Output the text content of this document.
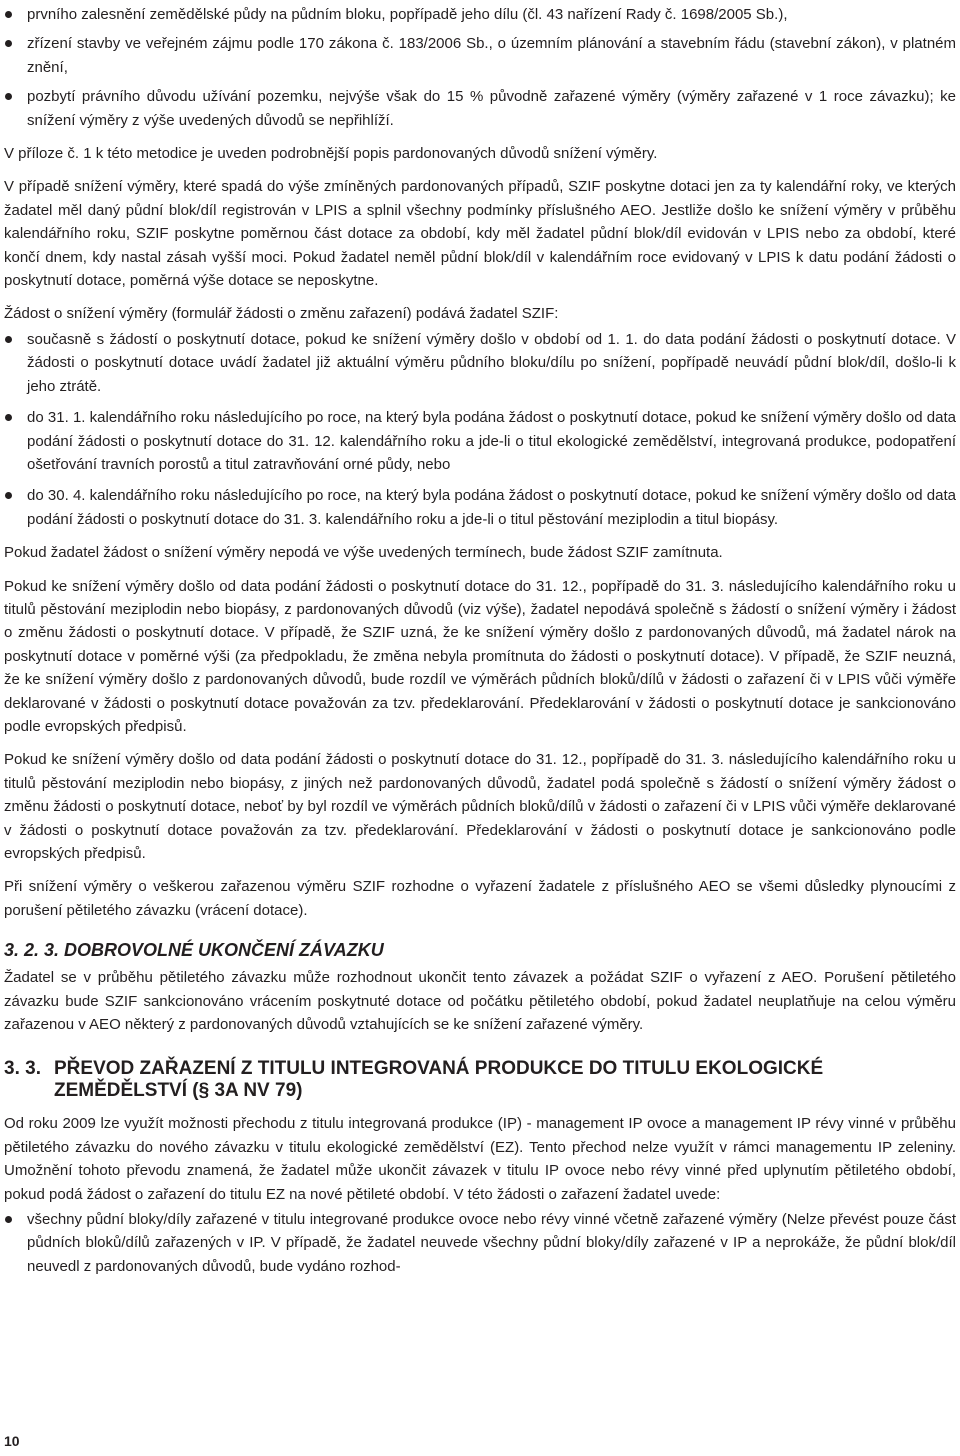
prvního zalesnění zemědělské půdy na půdním bloku, popřípadě jeho dílu (čl. 43 nařízení Rady č. 1698/2005 Sb.),
zřízení stavby ve veřejném zájmu podle 170 zákona č. 183/2006 Sb., o územním plánování a stavebním řádu (stavební zákon), v platném znění,
pozbytí právního důvodu užívání pozemku, nejvýše však do 15 % původně zařazené výměry (výměry zařazené v 1 roce závazku); ke snížení výměry z výše uvedených důvodů se nepřihlíží.

V příloze č. 1 k této metodice je uveden podrobnější popis pardonovaných důvodů snížení výměry.

V případě snížení výměry, které spadá do výše zmíněných pardonovaných případů, SZIF poskytne dotaci jen za ty kalendářní roky, ve kterých žadatel měl daný půdní blok/díl registrován v LPIS a splnil všechny podmínky příslušného AEO. Jestliže došlo ke snížení výměry v průběhu kalendářního roku, SZIF poskytne poměrnou část dotace za období, kdy měl žadatel půdní blok/díl evidován v LPIS nebo za období, které končí dnem, kdy nastal zásah vyšší moci. Pokud žadatel neměl půdní blok/díl v kalendářním roce evidovaný v LPIS k datu podání žádosti o poskytnutí dotace, poměrná výše dotace se neposkytne.

Žádost o snížení výměry (formulář žádosti o změnu zařazení) podává žadatel SZIF:

současně s žádostí o poskytnutí dotace, pokud ke snížení výměry došlo v období od 1. 1. do data podání žádosti o poskytnutí dotace. V žádosti o poskytnutí dotace uvádí žadatel již aktuální výměru půdního bloku/dílu po snížení, popřípadě neuvádí půdní blok/díl, došlo-li k jeho ztrátě.
do 31. 1. kalendářního roku následujícího po roce, na který byla podána žádost o poskytnutí dotace, pokud ke snížení výměry došlo od data podání žádosti o poskytnutí dotace do 31. 12. kalendářního roku a jde-li o titul ekologické zemědělství, integrovaná produkce, podopatření ošetřování travních porostů a titul zatravňování orné půdy, nebo
do 30. 4. kalendářního roku následujícího po roce, na který byla podána žádost o poskytnutí dotace, pokud ke snížení výměry došlo od data podání žádosti o poskytnutí dotace do 31. 3. kalendářního roku a jde-li o titul pěstování meziplodin a titul biopásy.

Pokud žadatel žádost o snížení výměry nepodá ve výše uvedených termínech, bude žádost SZIF zamítnuta.

Pokud ke snížení výměry došlo od data podání žádosti o poskytnutí dotace do 31. 12., popřípadě do 31. 3. následujícího kalendářního roku u titulů pěstování meziplodin nebo biopásy, z pardonovaných důvodů (viz výše), žadatel nepodává společně s žádostí o snížení výměry i žádost o změnu žádosti o poskytnutí dotace. V případě, že SZIF uzná, že ke snížení výměry došlo z pardonovaných důvodů, má žadatel nárok na poskytnutí dotace v poměrné výši (za předpokladu, že změna nebyla promítnuta do žádosti o poskytnutí dotace). V případě, že SZIF neuzná, že ke snížení výměry došlo z pardonovaných důvodů, bude rozdíl ve výměrách půdních bloků/dílů v žádosti o zařazení či v LPIS vůči výměře deklarované v žádosti o poskytnutí dotace považován za tzv. předeklarování. Předeklarování v žádosti o poskytnutí dotace je sankcionováno podle evropských předpisů.

Pokud ke snížení výměry došlo od data podání žádosti o poskytnutí dotace do 31. 12., popřípadě do 31. 3. následujícího kalendářního roku u titulů pěstování meziplodin nebo biopásy, z jiných než pardonovaných důvodů, žadatel podá společně s žádostí o snížení výměry žádost o změnu žádosti o poskytnutí dotace, neboť by byl rozdíl ve výměrách půdních bloků/dílů v žádosti o zařazení či v LPIS vůči výměře deklarované v žádosti o poskytnutí dotace považován za tzv. předeklarování. Předeklarování v žádosti o poskytnutí dotace je sankcionováno podle evropských předpisů.

Při snížení výměry o veškerou zařazenou výměru SZIF rozhodne o vyřazení žadatele z příslušného AEO se všemi důsledky plynoucími z porušení pětiletého závazku (vrácení dotace).

3. 2. 3. DOBROVOLNÉ UKONČENÍ ZÁVAZKU

Žadatel se v průběhu pětiletého závazku může rozhodnout ukončit tento závazek a požádat SZIF o vyřazení z AEO. Porušení pětiletého závazku bude SZIF sankcionováno vrácením poskytnuté dotace od počátku pětiletého období, pokud žadatel neuplatňuje na celou výměru zařazenou v AEO některý z pardonovaných důvodů vztahujících se ke snížení zařazené výměry.

3. 3. PŘEVOD ZAŘAZENÍ Z TITULU INTEGROVANÁ PRODUKCE DO TITULU EKOLOGICKÉ ZEMĚDĚLSTVÍ (§ 3A NV 79)

Od roku 2009 lze využít možnosti přechodu z titulu integrovaná produkce (IP) - management IP ovoce a management IP révy vinné v průběhu pětiletého závazku do nového závazku v titulu ekologické zemědělství (EZ). Tento přechod nelze využít v rámci managementu IP zeleniny. Umožnění tohoto převodu znamená, že žadatel může ukončit závazek v titulu IP ovoce nebo révy vinné před uplynutím pětiletého období, pokud podá žádost o zařazení do titulu EZ na nové pětileté období. V této žádosti o zařazení žadatel uvede:

všechny půdní bloky/díly zařazené v titulu integrované produkce ovoce nebo révy vinné včetně zařazené výměry (Nelze převést pouze část půdních bloků/dílů zařazených v IP. V případě, že žadatel neuvede všechny půdní bloky/díly zařazené v IP a neprokáže, že půdní blok/díl neuvedl z pardonovaných důvodů, bude vydáno rozhod-
10
